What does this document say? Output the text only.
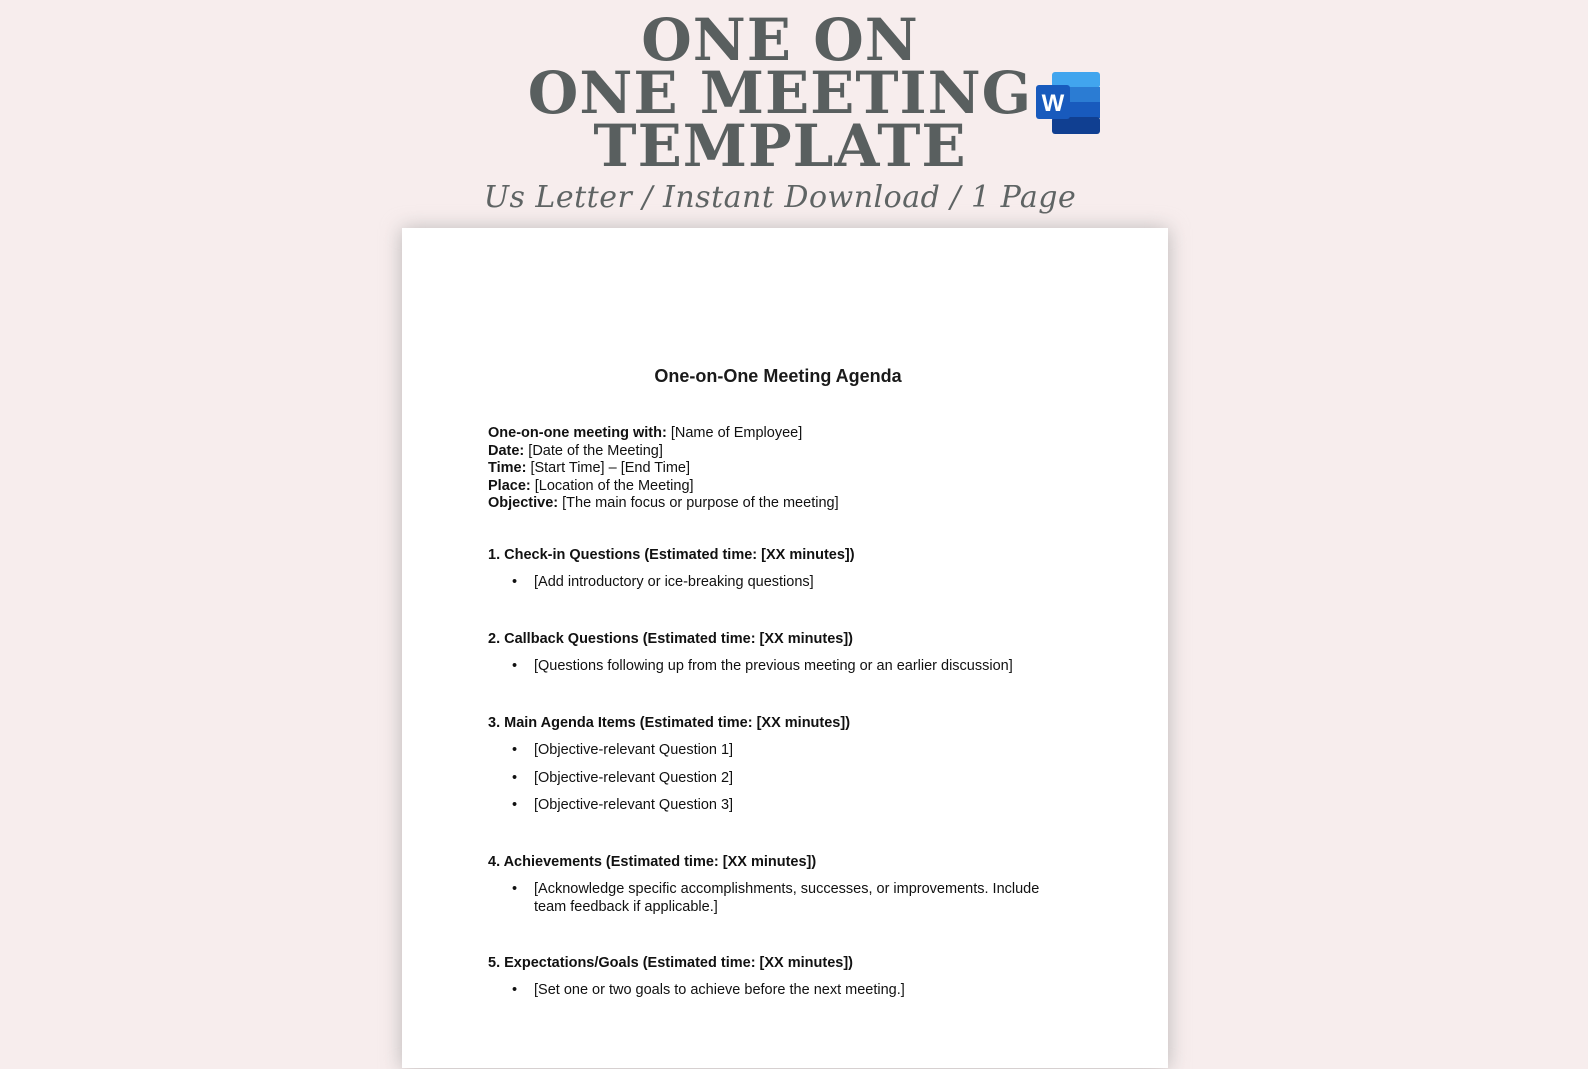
ONE ON
ONE MEETING
TEMPLATE
Us Letter / Instant Download / 1 Page
W
One-on-One Meeting Agenda
One-on-one meeting with: [Name of Employee]
Date: [Date of the Meeting]
Time: [Start Time] – [End Time]
Place: [Location of the Meeting]
Objective: [The main focus or purpose of the meeting]
1. Check-in Questions (Estimated time: [XX minutes])
• [Add introductory or ice-breaking questions]
2. Callback Questions (Estimated time: [XX minutes])
• [Questions following up from the previous meeting or an earlier discussion]
3. Main Agenda Items (Estimated time: [XX minutes])
• [Objective-relevant Question 1]
• [Objective-relevant Question 2]
• [Objective-relevant Question 3]
4. Achievements (Estimated time: [XX minutes])
• [Acknowledge specific accomplishments, successes, or improvements. Include team feedback if applicable.]
5. Expectations/Goals (Estimated time: [XX minutes])
• [Set one or two goals to achieve before the next meeting.]
